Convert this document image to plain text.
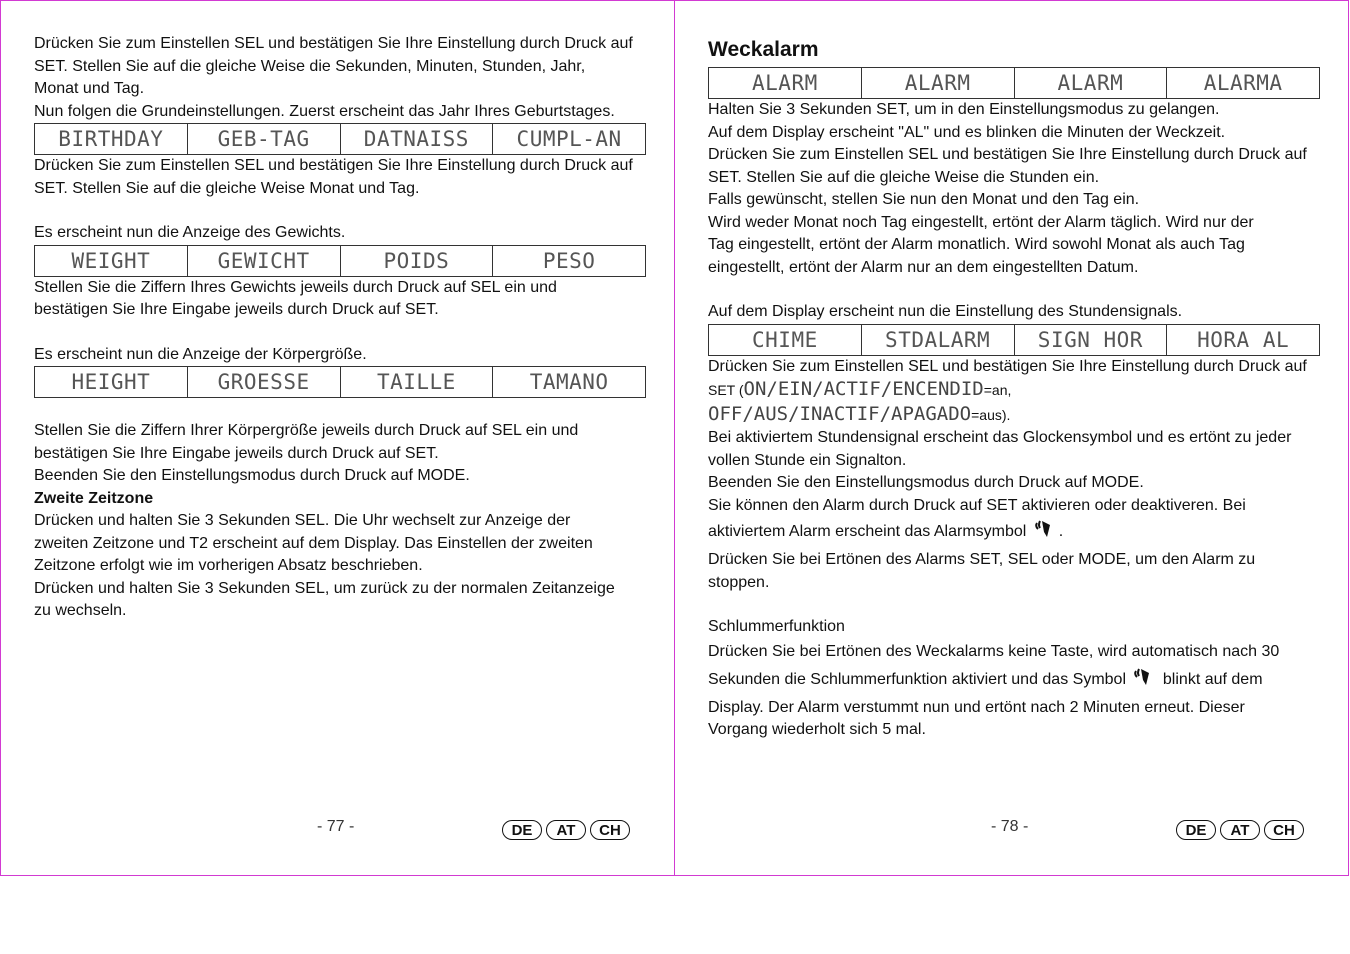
Drücken Sie zum Einstellen SEL und bestätigen Sie Ihre Einstellung durch Druck auf

SET. Stellen Sie auf die gleiche Weise die Sekunden, Minuten, Stunden, Jahr,

Monat und Tag.

Nun folgen die Grundeinstellungen. Zuerst erscheint das Jahr Ihres Geburtstages.

BIRTHDAY	GEB-TAG	DATNAISS	CUMPL-AN

Drücken Sie zum Einstellen SEL und bestätigen Sie Ihre Einstellung durch Druck auf

SET. Stellen Sie auf die gleiche Weise Monat und Tag.

Es erscheint nun die Anzeige des Gewichts.

WEIGHT	GEWICHT	POIDS	PESO

Stellen Sie die Ziffern Ihres Gewichts jeweils durch Druck auf SEL ein und

bestätigen Sie Ihre Eingabe jeweils durch Druck auf SET.

Es erscheint nun die Anzeige der Körpergröße.

HEIGHT	GROESSE	TAILLE	TAMANO

Stellen Sie die Ziffern Ihrer Körpergröße jeweils durch Druck auf SEL ein und

bestätigen Sie Ihre Eingabe jeweils durch Druck auf SET.

Beenden Sie den Einstellungsmodus durch Druck auf MODE.

Zweite Zeitzone

Drücken und halten Sie 3 Sekunden SEL. Die Uhr wechselt zur Anzeige der

zweiten Zeitzone und T2 erscheint auf dem Display. Das Einstellen der zweiten

Zeitzone erfolgt wie im vorherigen Absatz beschrieben.

Drücken und halten Sie 3 Sekunden SEL, um zurück zu der normalen Zeitanzeige

zu wechseln.

- 77 -	DE	AT	CH
Weckalarm
ALARM	ALARM	ALARM	ALARMA

Halten Sie 3 Sekunden SET, um in den Einstellungsmodus zu gelangen.

Auf dem Display erscheint "AL" und es blinken die Minuten der Weckzeit.

Drücken Sie zum Einstellen SEL und bestätigen Sie Ihre Einstellung durch Druck auf

SET. Stellen Sie auf die gleiche Weise die Stunden ein.

Falls gewünscht, stellen Sie nun den Monat und den Tag ein.

Wird weder Monat noch Tag eingestellt, ertönt der Alarm täglich. Wird nur der

Tag eingestellt, ertönt der Alarm monatlich. Wird sowohl Monat als auch Tag

eingestellt, ertönt der Alarm nur an dem eingestellten Datum.

Auf dem Display erscheint nun die Einstellung des Stundensignals.

CHIME	STDALARM	SIGN HOR	HORA AL

Drücken Sie zum Einstellen SEL und bestätigen Sie Ihre Einstellung durch Druck auf

SET (ON/EIN/ACTIF/ENCENDID=an,

OFF/AUS/INACTIF/APAGADO=aus).

Bei aktiviertem Stundensignal erscheint das Glockensymbol und es ertönt zu jeder

vollen Stunde ein Signalton.

Beenden Sie den Einstellungsmodus durch Druck auf MODE.

Sie können den Alarm durch Druck auf SET aktivieren oder deaktiveren. Bei

aktiviertem Alarm erscheint das Alarmsymbol .

Drücken Sie bei Ertönen des Alarms SET, SEL oder MODE, um den Alarm zu

stoppen.

Schlummerfunktion

Drücken Sie bei Ertönen des Weckalarms keine Taste, wird automatisch nach 30

Sekunden die Schlummerfunktion aktiviert und das Symbol blinkt auf dem

Display. Der Alarm verstummt nun und ertönt nach 2 Minuten erneut. Dieser

Vorgang wiederholt sich 5 mal.

- 78 -	DE	AT	CH
